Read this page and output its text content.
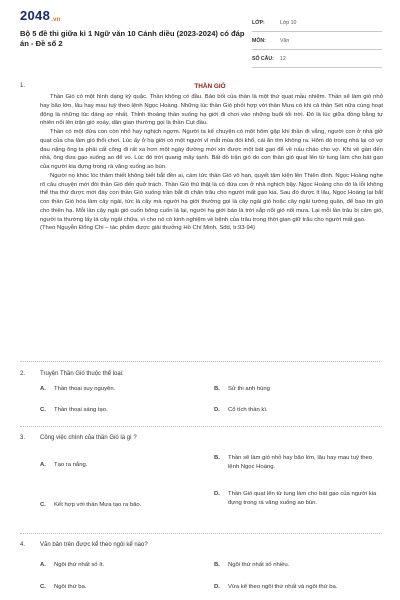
2048.vn
Bộ 5 đề thi giữa kì 1 Ngữ văn 10 Cánh diều (2023-2024) có đáp án - Đề số 2
LỚP:	Lớp 10
MÔN:	Văn
SỐ CÂU:	12
1.	THẦN GIÓ

Thần Gió có một hình dạng kỳ quặc. Thần không có đầu. Bảo bối của thần là một thứ quạt mầu nhiệm. Thần sẽ làm gió nhỏ hay bão lớn, lâu hay mau tuỳ theo lệnh Ngọc Hoàng. Những lúc thần Gió phối hợp với thần Mưa có khi cả thần Sét nữa cùng hoạt động là những lúc đáng sợ nhất. Thỉnh thoảng thần xuống hạ giới đi chơi vào những buổi tối trời. Đó là lúc giữa đồng bằng tự nhiên nổi lên trận gió xoáy, dân gian thường gọi là thần Cụt đầu.

Thần có một đứa con còn nhỏ hay nghịch ngợm. Người ta kể chuyện có một hôm gặp khi thần đi vắng, người con ở nhà giở quạt của cha làm gió thổi chơi. Lúc ấy ở hạ giới có một người vì mắt mùa đói khổ, cái ăn tìm không ra. Hôm đó trong nhà lại có vợ đau nặng ông ta phải cất công đi rất xa hơn một ngày đường mới xin được một bát gạo để về nấu cháo cho vợ. Khi về gần đến nhà, ông đưa gạo xuống ao để vo. Lúc đó trời quang mây tạnh. Bất đồ trận gió do con thần gió quạt lên từ tung làm cho bát gạo của người kia đựng trong rá văng xuống ao bùn.

Người nọ khóc lóc thảm thiết không biết bắt đền ai, cám tức thần Gió vô hạn, quyết tâm kiện lên Thiên đình. Ngọc Hoàng nghe rõ câu chuyện mới đòi thần Gió đến quở trách. Thần Gió thú thật là có đứa con ở nhà nghịch bậy. Ngọc Hoàng cho đó là lỗi không thể tha thứ được mới đày con thần Gió xuống trần bắt đi chăn trâu cho người mất gạo kia. Sau đó được ít lâu, Ngọc Hoàng lại bắt con thần Gió hóa làm cây ngải, tức là cây mà người hạ giới thường gọi là cây ngải gió hoặc cây ngải tướng quân, để bao tin gió cho thiên hạ. Mỗi lần cây ngải gió cuốn bông cuốn lá lại, người hạ giới báo là trời sắp nổi gió nổi mưa. Lại mỗi lần trâu bị cảm gió, người ta thường lấy lá cây ngải chữa, vì cho nó có kinh nghiệm về bệnh của trâu trong thời gian giữ trâu cho người mất gạo.

(Theo Nguyễn Đổng Chi – tác phẩm được giải thưởng Hồ Chí Minh, Sđd, tr.93-94)

2. Truyện Thần Gió thuộc thể loại:
A. Thần thoại suy nguyên.	B. Sử thi anh hùng
C. Thần thoại sáng tạo.	D. Cổ tích thần kì.
3. Công việc chính của thần Gió là gì ?
A. Tạo ra nắng.
B. Thần sẽ làm gió nhỏ hay bão lớn, lâu hay mau tuỳ theo lệnh Ngọc Hoàng.
C. Kết hợp với thần Mưa tạo ra bão.
D. Thần Gió quạt lên từ tung làm cho bát gạo của người kia đựng trong rá văng xuống ao bùn.
4. Văn bản trên được kể theo ngôi kể nào?
A. Ngôi thứ nhất số ít.	B. Ngôi thứ nhất số nhiều.
C. Ngôi thứ ba.	D. Vừa kể theo ngôi thứ nhất và ngôi thứ ba.
